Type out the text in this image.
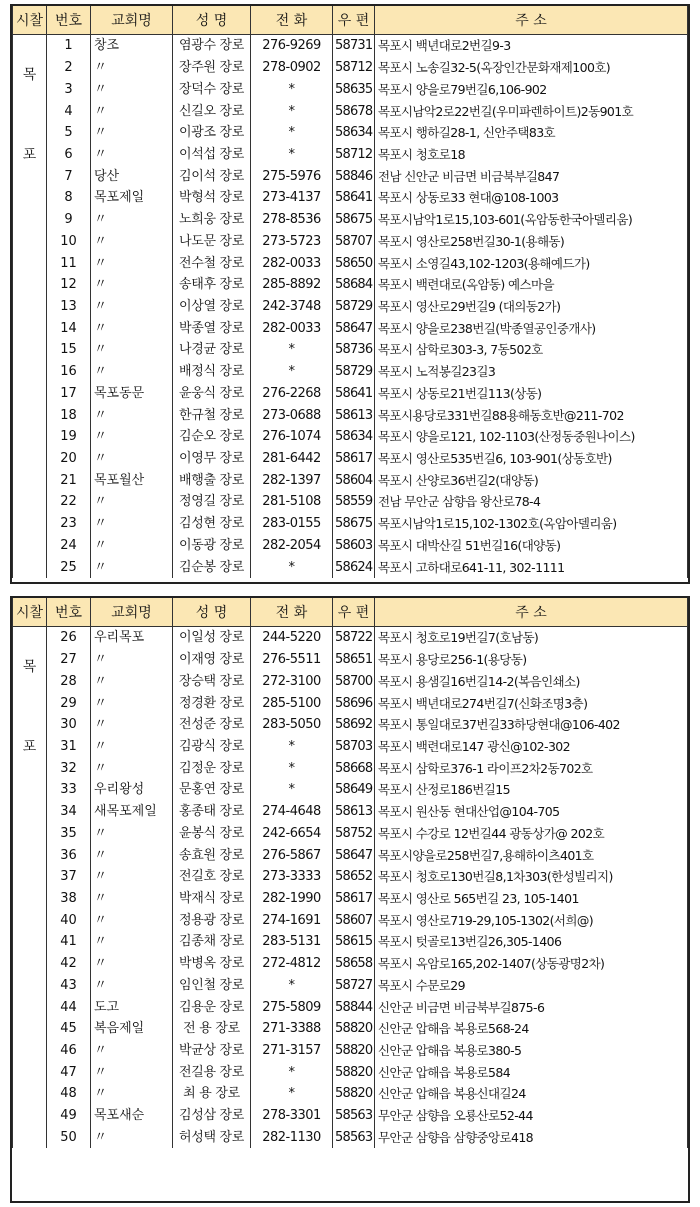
시찰	번호	교회명	성 명	전 화	우 편	주 소
목

포	1	창조	염광수 장로	276-9269	58731	목포시 백년대로2번길9-3
	2	〃	장주원 장로	278-0902	58712	목포시 노송길32-5(옥장인간문화재제100호)
	3	〃	장덕수 장로	*	58635	목포시 양을로79번길6,106-902
	4	〃	신길오 장로	*	58678	목포시남악2로22번길(우미파렌하이트)2동901호
	5	〃	이광조 장로	*	58634	목포시 행하길28-1, 신안주택83호
	6	〃	이석섭 장로	*	58712	목포시 청호로18
	7	당산	김이석 장로	275-5976	58846	전남 신안군 비금면 비금북부길847
	8	목포제일	박형석 장로	273-4137	58641	목포시 상동로33 현대@108-1003
	9	〃	노희웅 장로	278-8536	58675	목포시남악1로15,103-601(옥암동한국아델리움)
	10	〃	나도문 장로	273-5723	58707	목포시 영산로258번길30-1(용해동)
	11	〃	전수철 장로	282-0033	58650	목포시 소영길43,102-1203(용해예드가)
	12	〃	송태후 장로	285-8892	58684	목포시 백련대로(옥암동) 예스마을
	13	〃	이상열 장로	242-3748	58729	목포시 영산로29번길9 (대의동2가)
	14	〃	박종열 장로	282-0033	58647	목포시 양을로238번길(박종열공인중개사)
	15	〃	나경균 장로	*	58736	목포시 삼학로303-3, 7동502호
	16	〃	배정식 장로	*	58729	목포시 노적봉길23길3
	17	목포동문	윤웅식 장로	276-2268	58641	목포시 상동로21번길113(상동)
	18	〃	한규철 장로	273-0688	58613	목포시용당로331번길88용해동호반@211-702
	19	〃	김순오 장로	276-1074	58634	목포시 양을로121, 102-1103(산정동중원나이스)
	20	〃	이영무 장로	281-6442	58617	목포시 영산로535번길6, 103-901(상동호반)
	21	목포월산	배행출 장로	282-1397	58604	목포시 산양로36번길2(대양동)
	22	〃	정영길 장로	281-5108	58559	전남 무안군 삼향읍 왕산로78-4
	23	〃	김성현 장로	283-0155	58675	목포시남악1로15,102-1302호(옥암아델리움)
	24	〃	이동광 장로	282-2054	58603	목포시 대박산길 51번길16(대양동)
	25	〃	김순봉 장로	*	58624	목포시 고하대로641-11, 302-1111
시찰	번호	교회명	성 명	전 화	우 편	주 소
목

포	26	우리목포	이일성 장로	244-5220	58722	목포시 청호로19번길7(호남동)
	27	〃	이재영 장로	276-5511	58651	목포시 용당로256-1(용당동)
	28	〃	장승택 장로	272-3100	58700	목포시 용샘길16번길14-2(복음인쇄소)
	29	〃	정경환 장로	285-5100	58696	목포시 백년대로274번길7(신화조명3층)
	30	〃	전성준 장로	283-5050	58692	목포시 통일대로37번길33하당현대@106-402
	31	〃	김광식 장로	*	58703	목포시 백련대로147 광신@102-302
	32	〃	김정운 장로	*	58668	목포시 삼학로376-1 라이프2차2동702호
	33	우리왕성	문홍연 장로	*	58649	목포시 산정로186번길15
	34	새목포제일	홍종태 장로	274-4648	58613	목포시 원산동 현대산업@104-705
	35	〃	윤봉식 장로	242-6654	58752	목포시 수강로 12번길44 광동상가@ 202호
	36	〃	송효원 장로	276-5867	58647	목포시양을로258번길7,용해하이츠401호
	37	〃	전길호 장로	273-3333	58652	목포시 청호로130번길8,1차303(한성빌리지)
	38	〃	박재식 장로	282-1990	58617	목포시 영산로 565번길 23, 105-1401
	40	〃	정용광 장로	274-1691	58607	목포시 영산로719-29,105-1302(서희@)
	41	〃	김종채 장로	283-5131	58615	목포시 텃골로13번길26,305-1406
	42	〃	박병옥 장로	272-4812	58658	목포시 옥암로165,202-1407(상동광명2차)
	43	〃	임인철 장로	*	58727	목포시 수문로29
	44	도고	김용운 장로	275-5809	58844	신안군 비금면 비금북부길875-6
	45	복음제일	전 용 장로	271-3388	58820	신안군 압해읍 복용로568-24
	46	〃	박균상 장로	271-3157	58820	신안군 압해읍 복용로380-5
	47	〃	전길용 장로	*	58820	신안군 압해읍 복용로584
	48	〃	최 용 장로	*	58820	신안군 압해읍 복용신대길24
	49	목포새순	김성삼 장로	278-3301	58563	무안군 삼향읍 오룡산로52-44
	50	〃	허성택 장로	282-1130	58563	무안군 삼향읍 삼향중앙로418
